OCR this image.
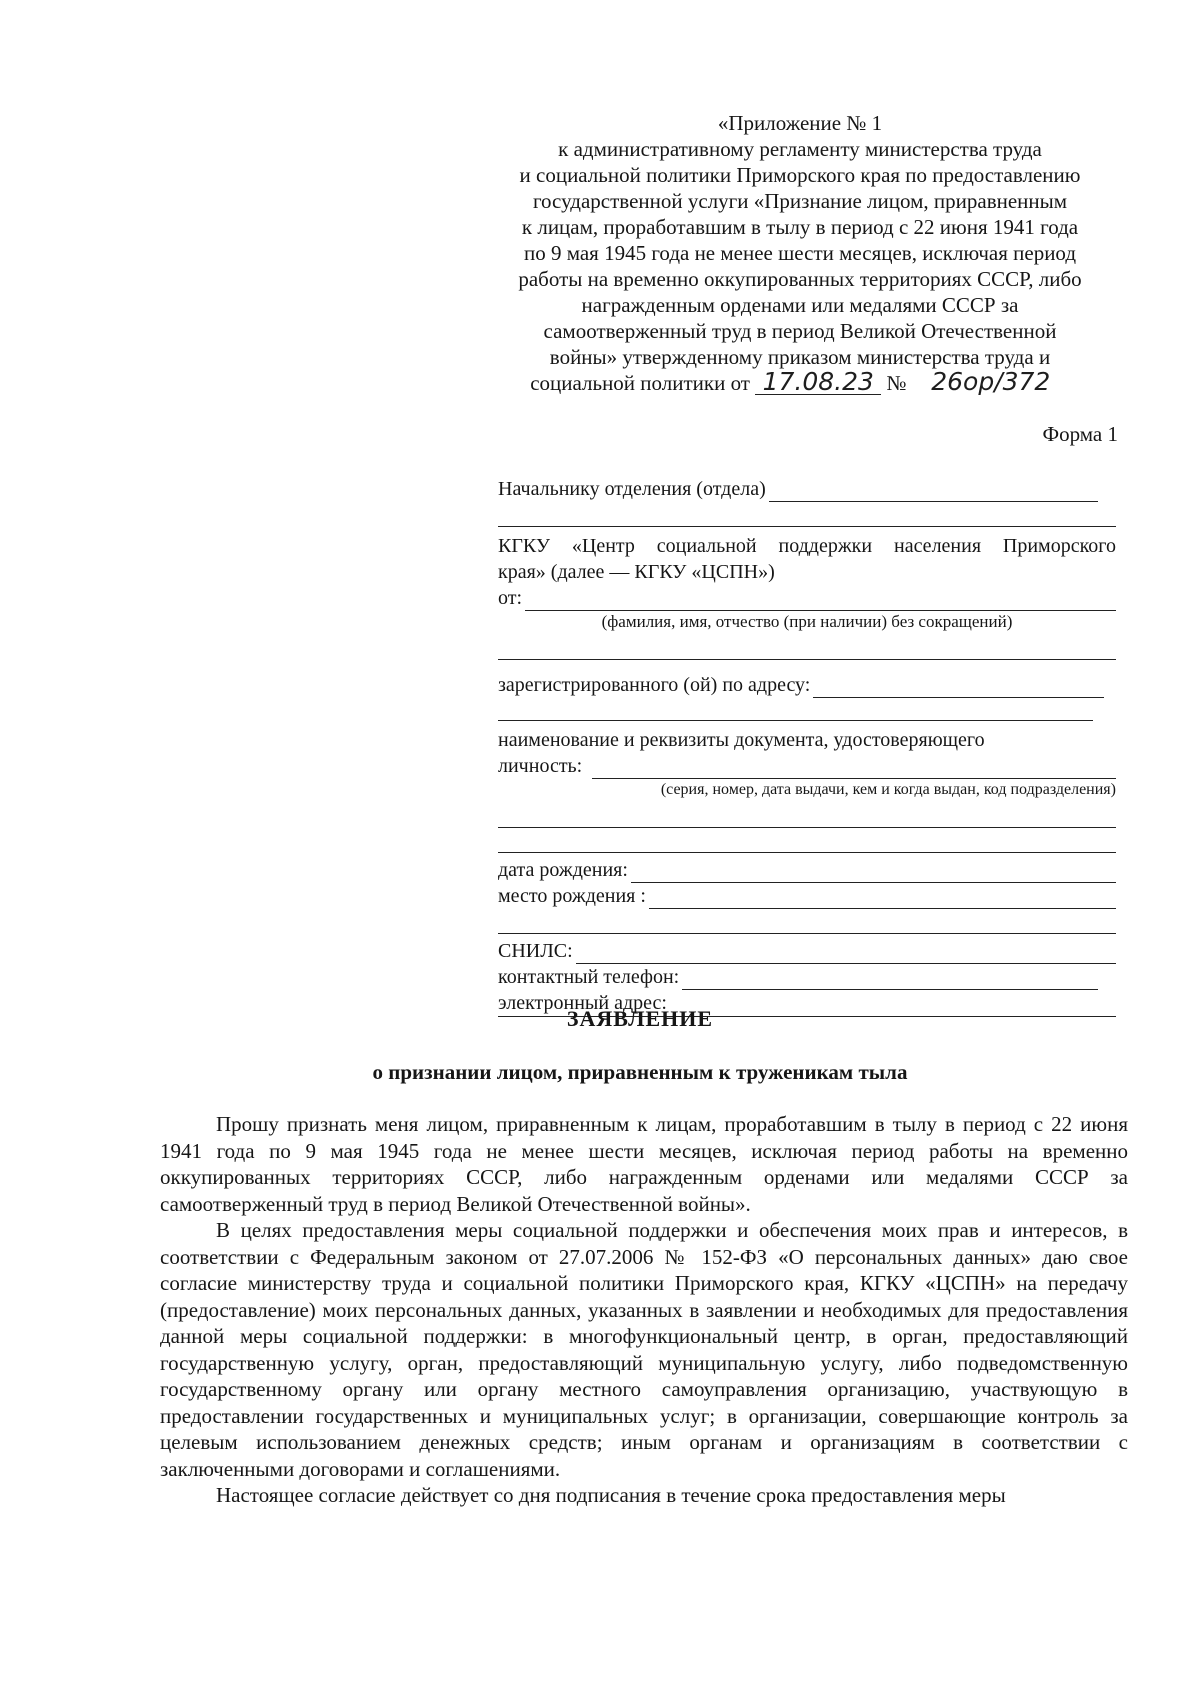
«Приложение № 1
к административному регламенту министерства труда
и социальной политики Приморского края по предоставлению
государственной услуги «Признание лицом, приравненным
к лицам, проработавшим в тылу в период с 22 июня 1941 года
по 9 мая 1945 года не менее шести месяцев, исключая период
работы на временно оккупированных территориях СССР, либо
награжденным орденами или медалями СССР за
самоотверженный труд в период Великой Отечественной
войны» утвержденному приказом министерства труда и
социальной политики от 17.08.23 № 26ор/372
Форма 1
Начальнику отделения (отдела)
КГКУ «Центр социальной поддержки населения Приморского
края» (далее — КГКУ «ЦСПН»)
от:
(фамилия, имя, отчество (при наличии) без сокращений)
зарегистрированного (ой) по адресу:
наименование и реквизиты документа, удостоверяющего
личность:
(серия, номер, дата выдачи, кем и когда выдан, код подразделения)
дата рождения:
место рождения :
СНИЛС:
контактный телефон:
электронный адрес:
ЗАЯВЛЕНИЕ
о признании лицом, приравненным к труженикам тыла

Прошу признать меня лицом, приравненным к лицам, проработавшим в тылу в период с 22 июня 1941 года по 9 мая 1945 года не менее шести месяцев, исключая период работы на временно оккупированных территориях СССР, либо награжденным орденами или медалями СССР за самоотверженный труд в период Великой Отечественной войны».

В целях предоставления меры социальной поддержки и обеспечения моих прав и интересов, в соответствии с Федеральным законом от 27.07.2006 № 152-ФЗ «О персональных данных» даю свое согласие министерству труда и социальной политики Приморского края, КГКУ «ЦСПН» на передачу (предоставление) моих персональных данных, указанных в заявлении и необходимых для предоставления данной меры социальной поддержки: в многофункциональный центр, в орган, предоставляющий государственную услугу, орган, предоставляющий муниципальную услугу, либо подведомственную государственному органу или органу местного самоуправления организацию, участвующую в предоставлении государственных и муниципальных услуг; в организации, совершающие контроль за целевым использованием денежных средств; иным органам и организациям в соответствии с заключенными договорами и соглашениями.

Настоящее согласие действует со дня подписания в течение срока предоставления меры
